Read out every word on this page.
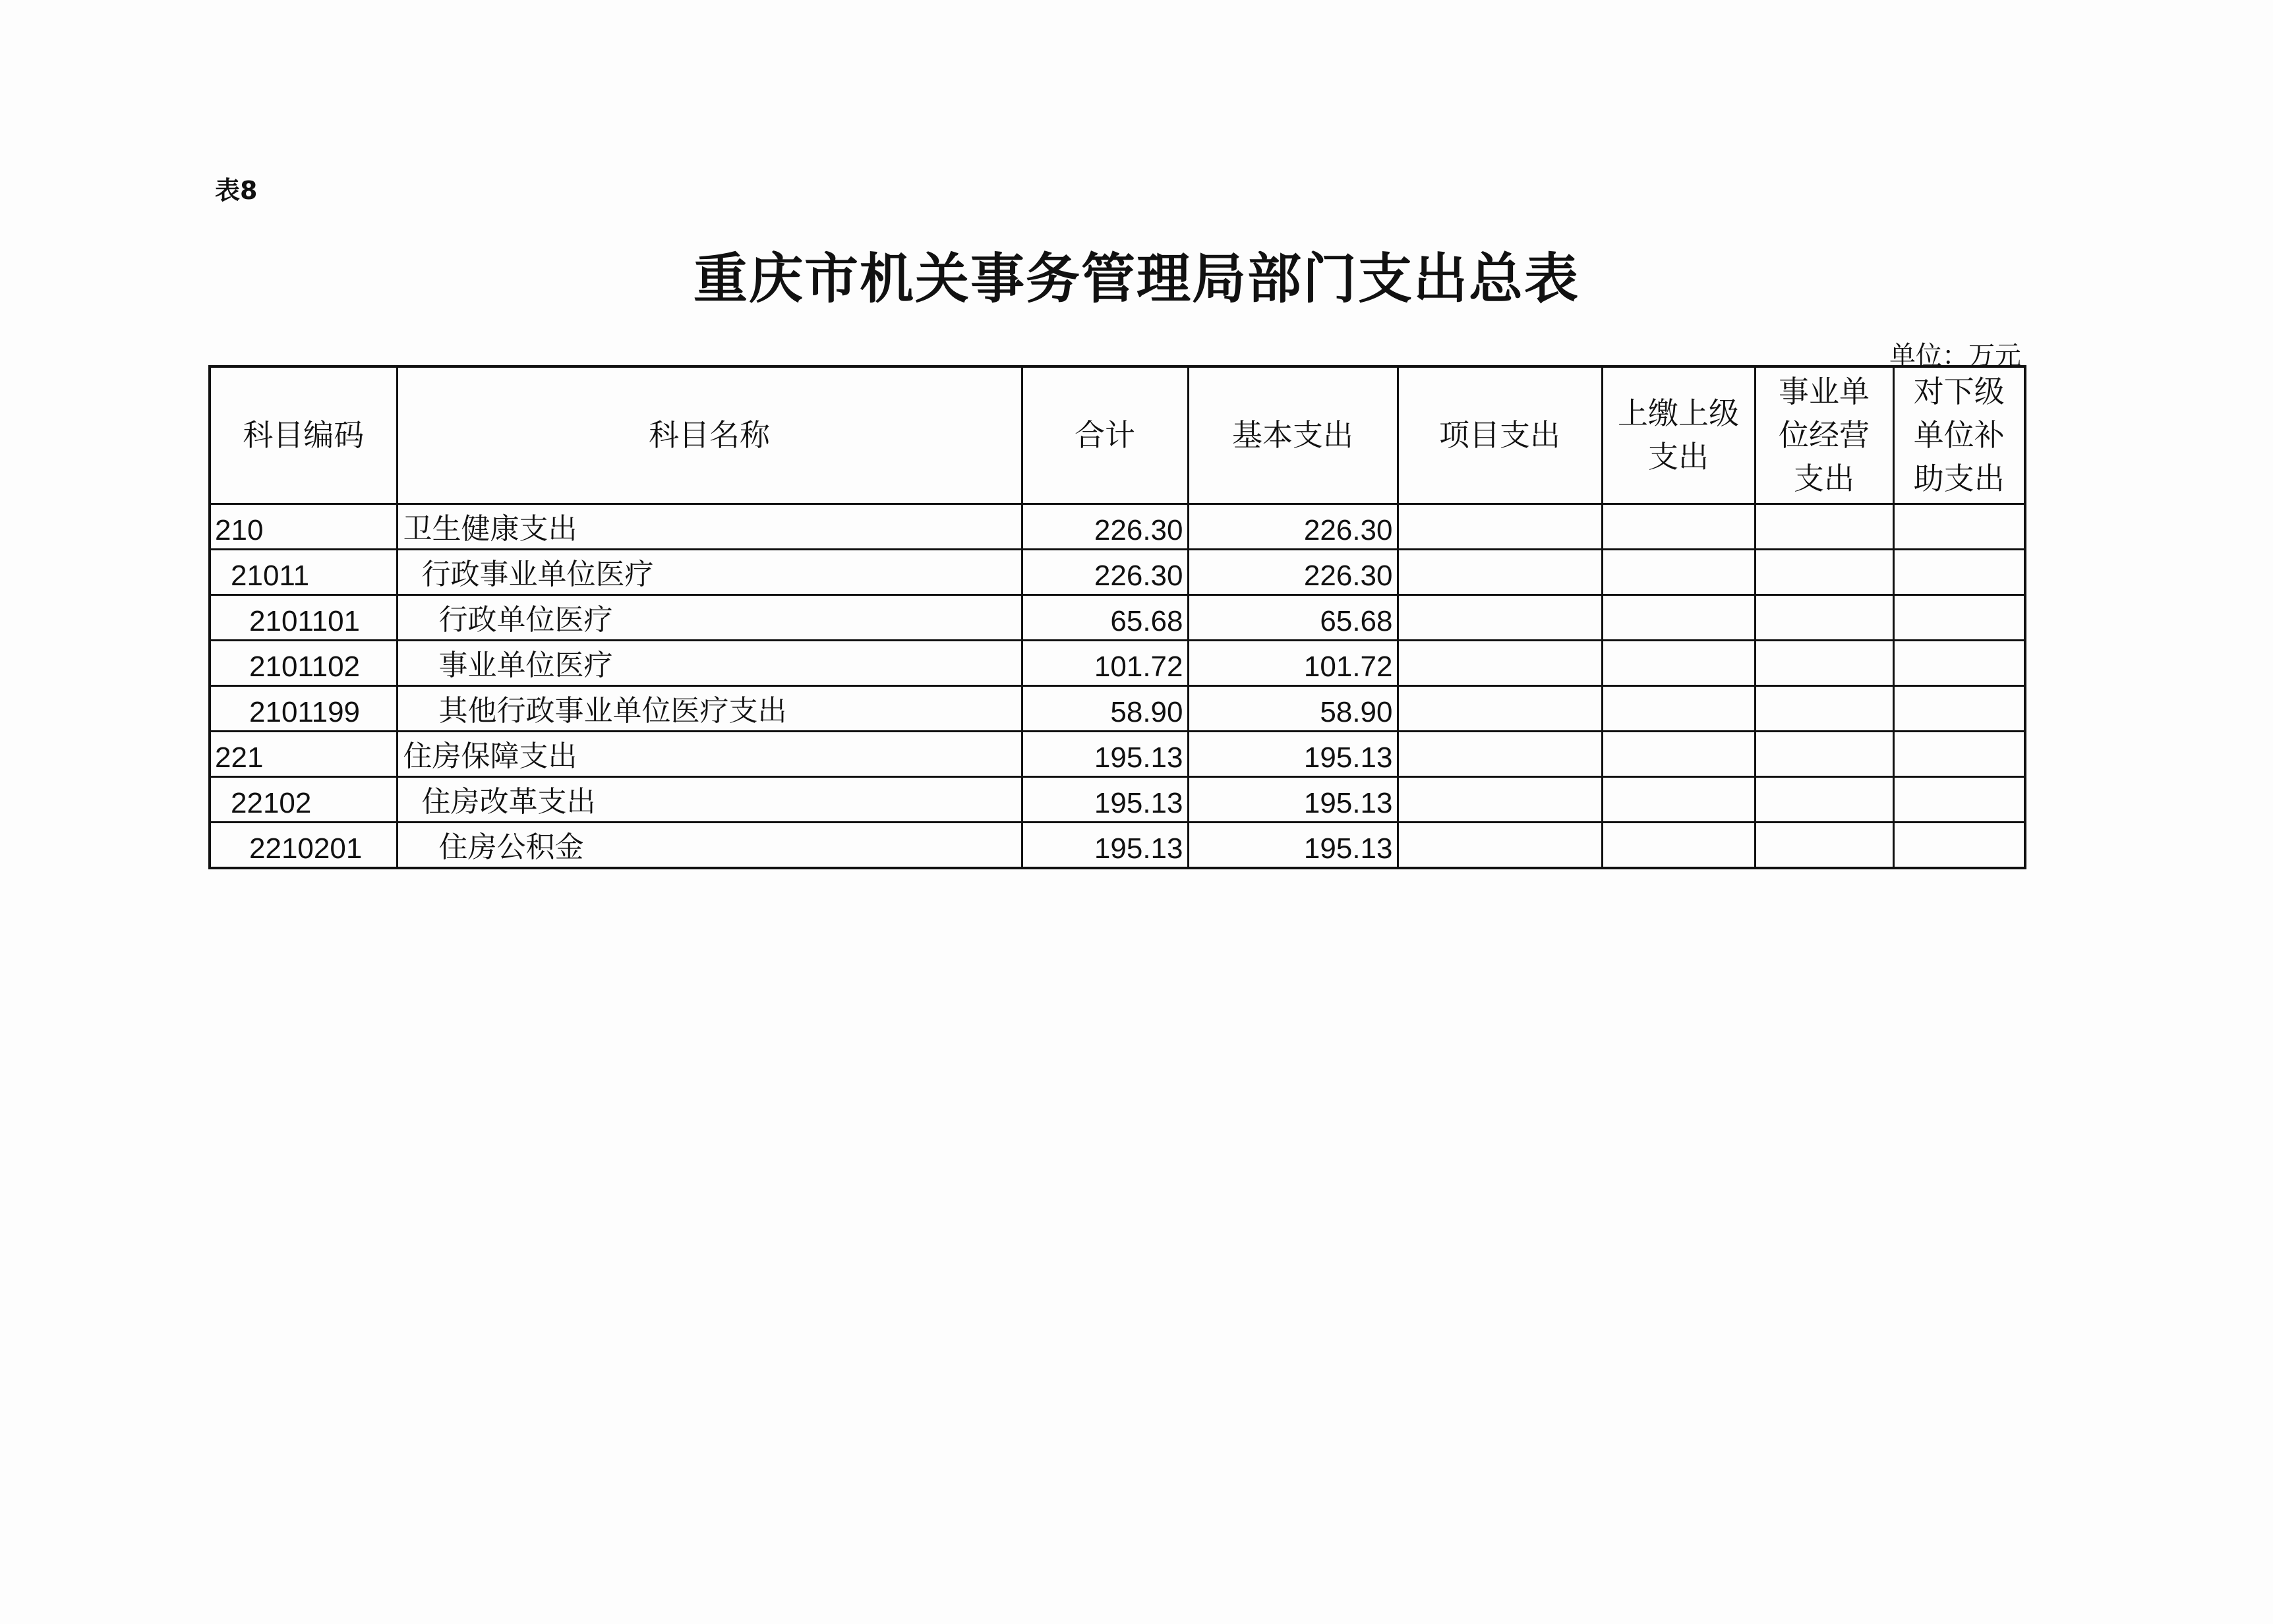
表8
重庆市机关事务管理局部门支出总表
单位：万元
科目编码	科目名称	合计	基本支出	项目支出	上缴上级支出	事业单位经营支出	对下级单位补助支出
210	卫生健康支出	226.30	226.30				
21011	行政事业单位医疗	226.30	226.30				
2101101	行政单位医疗	65.68	65.68				
2101102	事业单位医疗	101.72	101.72				
2101199	其他行政事业单位医疗支出	58.90	58.90				
221	住房保障支出	195.13	195.13				
22102	住房改革支出	195.13	195.13				
2210201	住房公积金	195.13	195.13				
